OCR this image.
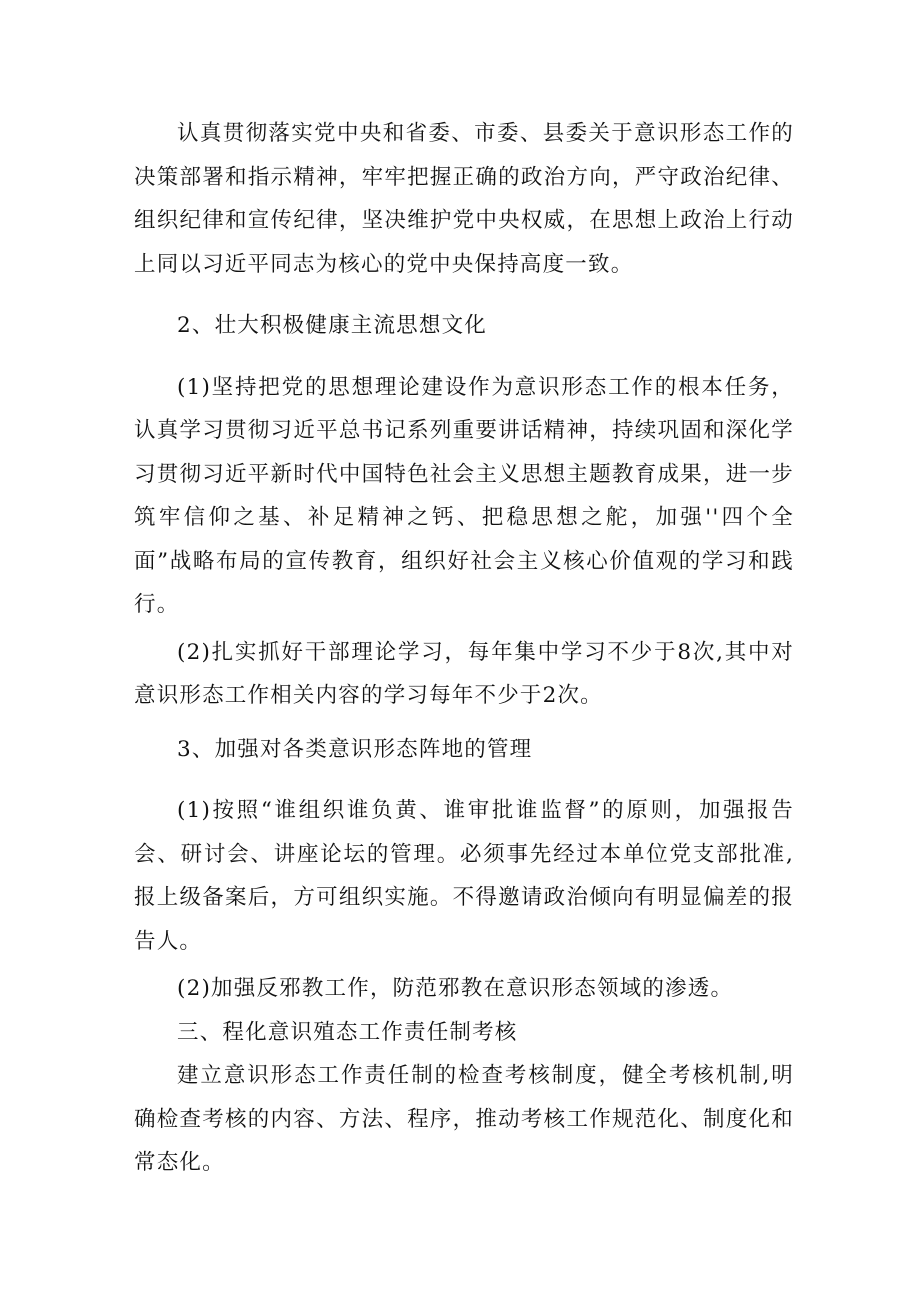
认真贯彻落实党中央和省委、市委、县委关于意识形态工作的决策部署和指示精神，牢牢把握正确的政治方向，严守政治纪律、组织纪律和宣传纪律，坚决维护党中央权威，在思想上政治上行动上同以习近平同志为核心的党中央保持高度一致。

2、壮大积极健康主流思想文化

(1)坚持把党的思想理论建设作为意识形态工作的根本任务，认真学习贯彻习近平总书记系列重要讲话精神，持续巩固和深化学习贯彻习近平新时代中国特色社会主义思想主题教育成果，进一步筑牢信仰之基、补足精神之钙、把稳思想之舵，加强''四个全面”战略布局的宣传教育，组织好社会主义核心价值观的学习和践行。

(2)扎实抓好干部理论学习，每年集中学习不少于8次,其中对意识形态工作相关内容的学习每年不少于2次。

3、加强对各类意识形态阵地的管理

(1)按照“谁组织谁负黄、谁审批谁监督”的原则，加强报告会、研讨会、讲座论坛的管理。必须事先经过本单位党支部批准,报上级备案后，方可组织实施。不得邀请政治倾向有明显偏差的报告人。

(2)加强反邪教工作，防范邪教在意识形态领域的渗透。

三、程化意识殖态工作责任制考核

建立意识形态工作责任制的检查考核制度，健全考核机制,明确检查考核的内容、方法、程序，推动考核工作规范化、制度化和常态化。
